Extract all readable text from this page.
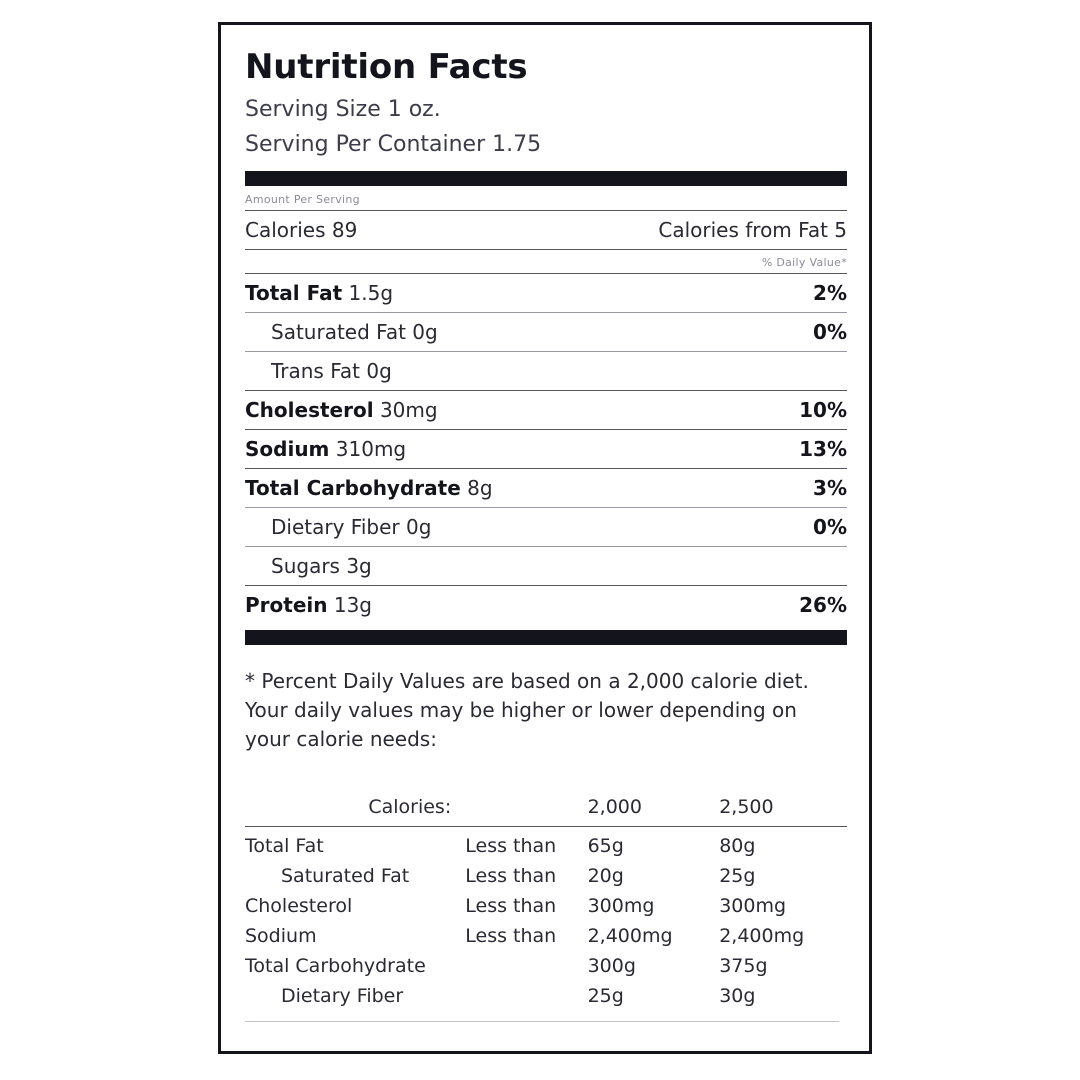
Nutrition Facts
Serving Size 1 oz.
Serving Per Container 1.75
Amount Per Serving
Calories 89	Calories from Fat 5
% Daily Value*
Total Fat 1.5g	2%
Saturated Fat 0g	0%
Trans Fat 0g
Cholesterol 30mg	10%
Sodium 310mg	13%
Total Carbohydrate 8g	3%
Dietary Fiber 0g	0%
Sugars 3g
Protein 13g	26%
* Percent Daily Values are based on a 2,000 calorie diet. Your daily values may be higher or lower depending on your calorie needs:
Calories:		2,000	2,500
Total Fat	Less than	65g	80g
Saturated Fat	Less than	20g	25g
Cholesterol	Less than	300mg	300mg
Sodium	Less than	2,400mg	2,400mg
Total Carbohydrate		300g	375g
Dietary Fiber		25g	30g
